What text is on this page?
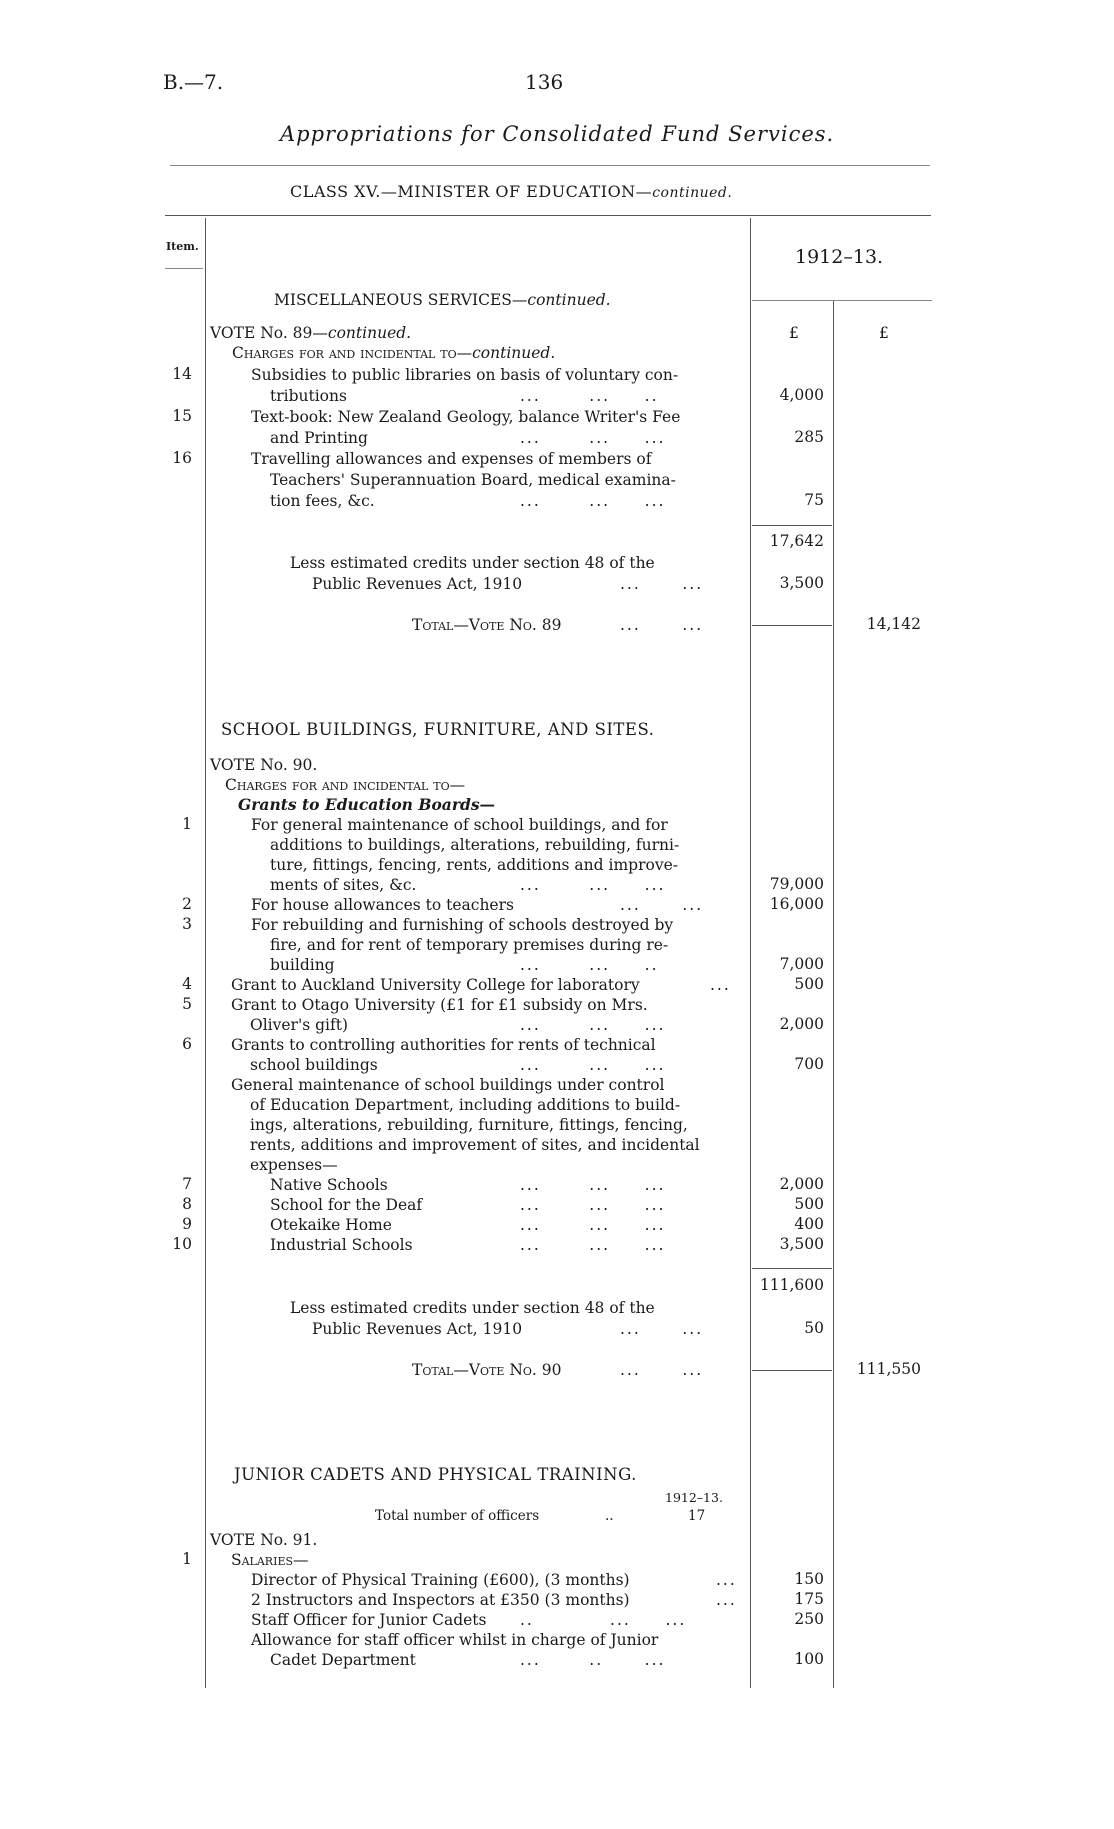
B.—7.	136
Appropriations for Consolidated Fund Services.
CLASS XV.—MINISTER OF EDUCATION—continued.
Item.	1912–13.
£	£
MISCELLANEOUS SERVICES—continued.
VOTE No. 89—continued.
Charges for and incidental to—continued.
14	Subsidies to public libraries on basis of voluntary con-
tributions	...       ...     ..	4,000
15	Text-book: New Zealand Geology, balance Writer's Fee
and Printing	...       ...     ...	285
16	Travelling allowances and expenses of members of
Teachers' Superannuation Board, medical examina-
tion fees, &c.	...       ...     ...	75
17,642
Less estimated credits under section 48 of the
Public Revenues Act, 1910	...      ...	3,500
Total—Vote No. 89	...      ...	14,142
SCHOOL BUILDINGS, FURNITURE, AND SITES.
VOTE No. 90.
Charges for and incidental to—
Grants to Education Boards—
1	For general maintenance of school buildings, and for
additions to buildings, alterations, rebuilding, furni-
ture, fittings, fencing, rents, additions and improve-
ments of sites, &c.	...       ...     ...	79,000
2	For house allowances to teachers	...      ...	16,000
3	For rebuilding and furnishing of schools destroyed by
fire, and for rent of temporary premises during re-
building	...       ...     ..	7,000
4	Grant to Auckland University College for laboratory	...	500
5	Grant to Otago University (£1 for £1 subsidy on Mrs.
Oliver's gift)	...       ...     ...	2,000
6	Grants to controlling authorities for rents of technical
school buildings	...       ...     ...	700
General maintenance of school buildings under control
of Education Department, including additions to build-
ings, alterations, rebuilding, furniture, fittings, fencing,
rents, additions and improvement of sites, and incidental
expenses—
7	Native Schools	...       ...     ...	2,000
8	School for the Deaf	...       ...     ...	500
9	Otekaike Home	...       ...     ...	400
10	Industrial Schools	...       ...     ...	3,500
111,600
Less estimated credits under section 48 of the
Public Revenues Act, 1910	...      ...	50
Total—Vote No. 90	...      ...	111,550
JUNIOR CADETS AND PHYSICAL TRAINING.
1912–13.
Total number of officers	..	17
VOTE No. 91.
1	Salaries—
Director of Physical Training (£600), (3 months)	...	150
2 Instructors and Inspectors at £350 (3 months)	...	175
Staff Officer for Junior Cadets ..           ...     ...	250
Allowance for staff officer whilst in charge of Junior
Cadet Department	...       ..      ...	100
